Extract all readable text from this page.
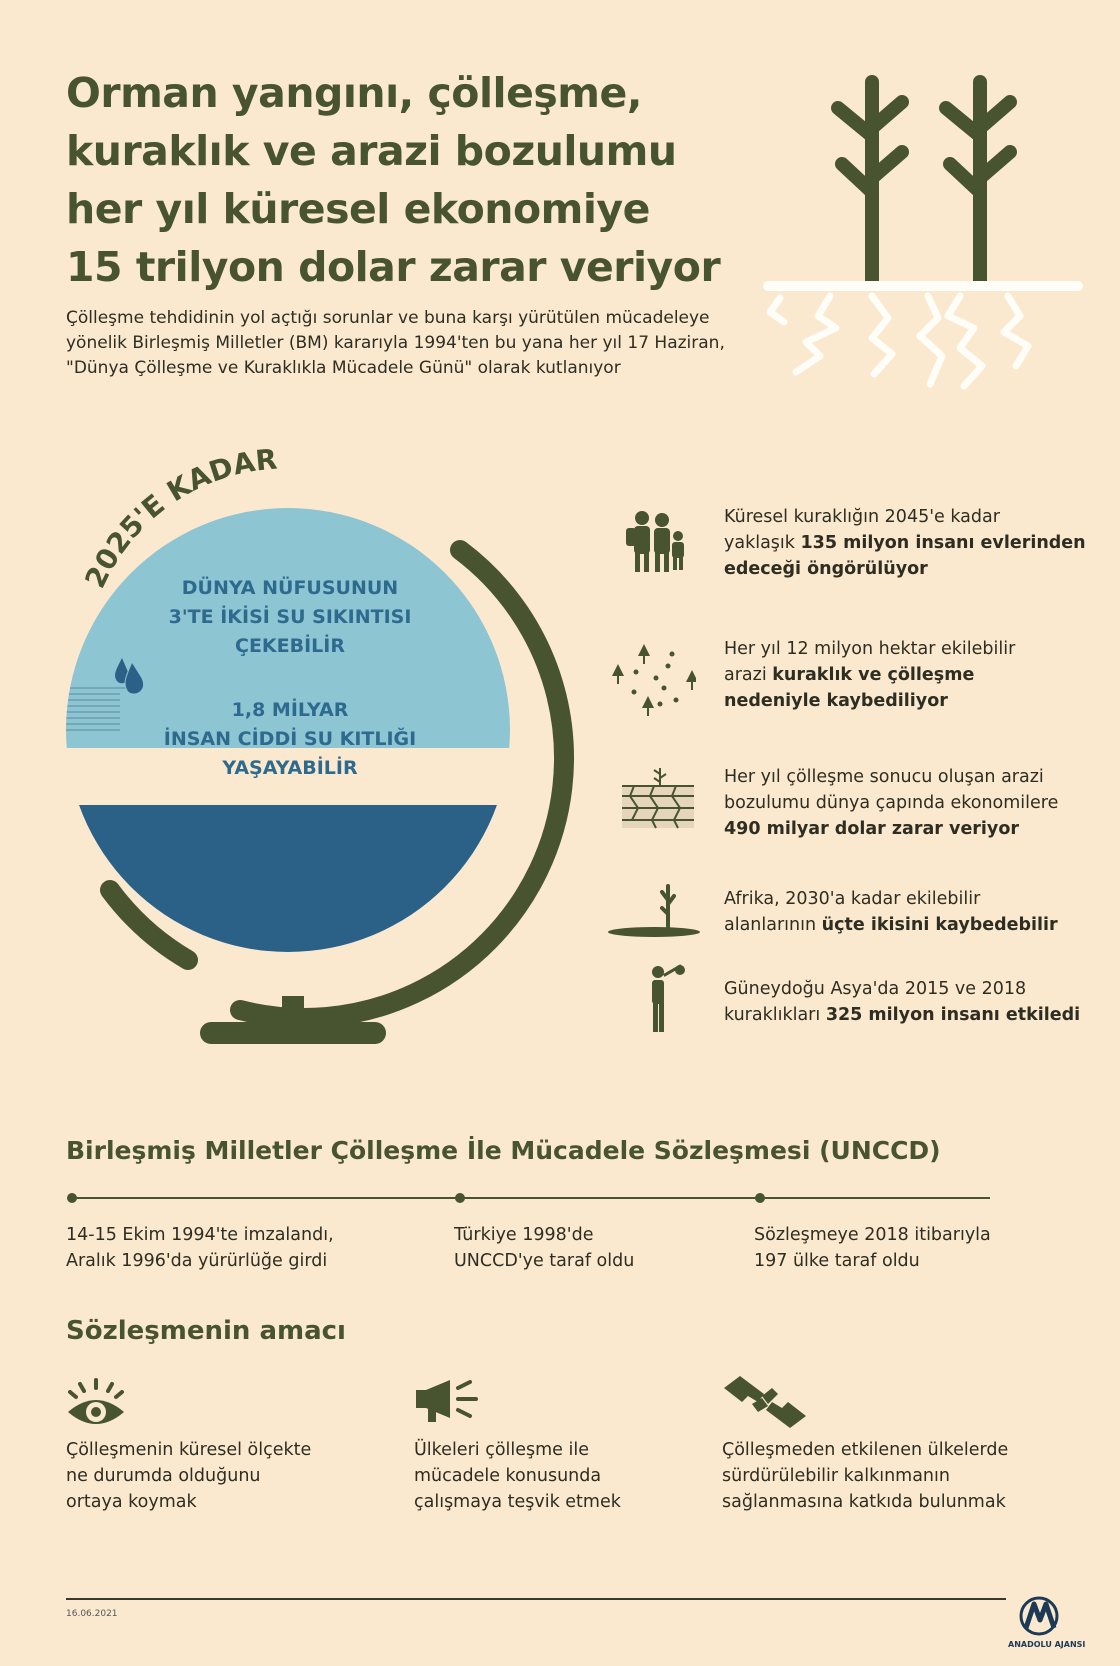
Orman yangını, çölleşme,
kuraklık ve arazi bozulumu
her yıl küresel ekonomiye
15 trilyon dolar zarar veriyor
Çölleşme tehdidinin yol açtığı sorunlar ve buna karşı yürütülen mücadeleye
yönelik Birleşmiş Milletler (BM) kararıyla 1994'ten bu yana her yıl 17 Haziran,
"Dünya Çölleşme ve Kuraklıkla Mücadele Günü" olarak kutlanıyor
2025'E KADAR
DÜNYA NÜFUSUNUN
3'TE İKİSİ SU SIKINTISI
ÇEKEBİLİR
1,8 MİLYAR
İNSAN CİDDİ SU KITLIĞI
YAŞAYABİLİR
Küresel kuraklığın 2045'e kadar
yaklaşık 135 milyon insanı evlerinden
edeceği öngörülüyor
Her yıl 12 milyon hektar ekilebilir
arazi kuraklık ve çölleşme
nedeniyle kaybediliyor
Her yıl çölleşme sonucu oluşan arazi
bozulumu dünya çapında ekonomilere
490 milyar dolar zarar veriyor
Afrika, 2030'a kadar ekilebilir
alanlarının üçte ikisini kaybedebilir
Güneydoğu Asya'da 2015 ve 2018
kuraklıkları 325 milyon insanı etkiledi
Birleşmiş Milletler Çölleşme İle Mücadele Sözleşmesi (UNCCD)
14-15 Ekim 1994'te imzalandı,
Aralık 1996'da yürürlüğe girdi
Türkiye 1998'de
UNCCD'ye taraf oldu
Sözleşmeye 2018 itibarıyla
197 ülke taraf oldu
Sözleşmenin amacı
Çölleşmenin küresel ölçekte
ne durumda olduğunu
ortaya koymak
Ülkeleri çölleşme ile
mücadele konusunda
çalışmaya teşvik etmek
Çölleşmeden etkilenen ülkelerde
sürdürülebilir kalkınmanın
sağlanmasına katkıda bulunmak
16.06.2021
ANADOLU AJANSI
